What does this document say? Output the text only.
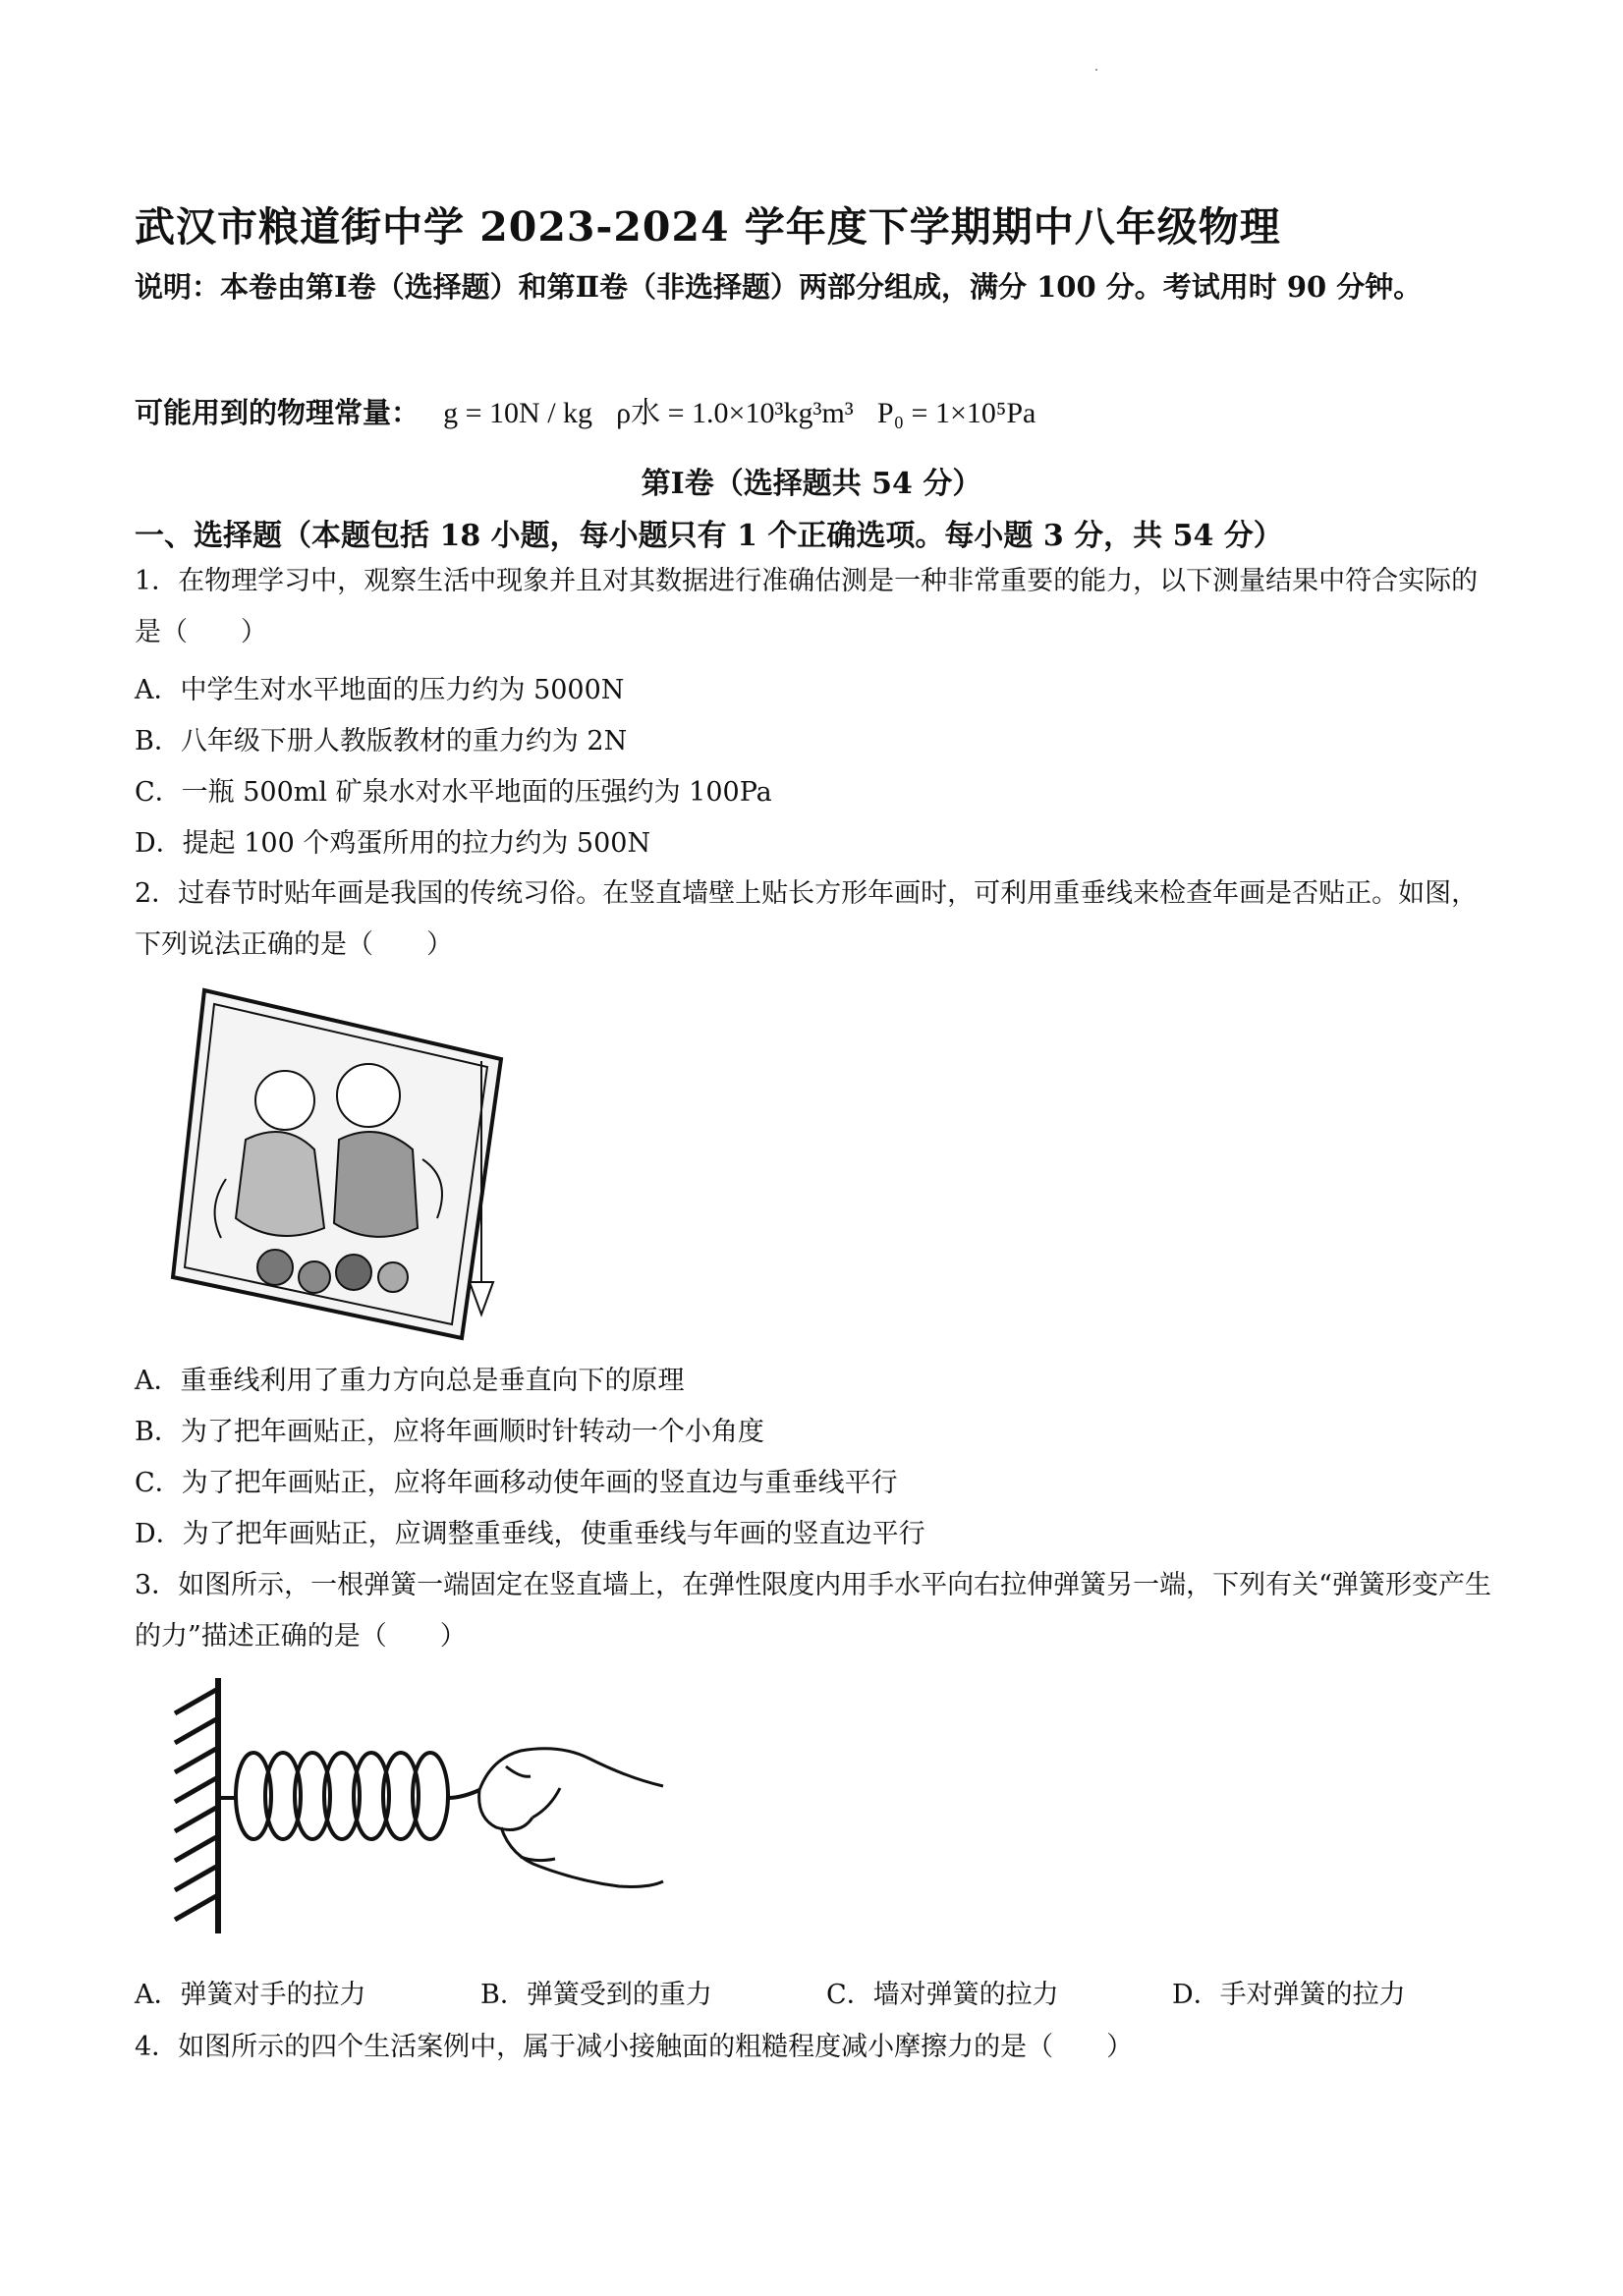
武汉市粮道街中学 2023-2024 学年度下学期期中八年级物理
说明：本卷由第Ⅰ卷（选择题）和第Ⅱ卷（非选择题）两部分组成，满分 100 分。考试用时 90 分钟。
可能用到的物理常量： g = 10N / kg ρ水 = 1.0×10³kg³m³ P₀ = 1×10⁵Pa
第Ⅰ卷（选择题共 54 分）
一、选择题（本题包括 18 小题，每小题只有 1 个正确选项。每小题 3 分，共 54 分）
1．在物理学习中，观察生活中现象并且对其数据进行准确估测是一种非常重要的能力，以下测量结果中符合实际的是（　　）
A．中学生对水平地面的压力约为 5000N
B．八年级下册人教版教材的重力约为 2N
C．一瓶 500ml 矿泉水对水平地面的压强约为 100Pa
D．提起 100 个鸡蛋所用的拉力约为 500N
2．过春节时贴年画是我国的传统习俗。在竖直墙壁上贴长方形年画时，可利用重垂线来检查年画是否贴正。如图，下列说法正确的是（　　）
A．重垂线利用了重力方向总是垂直向下的原理
B．为了把年画贴正，应将年画顺时针转动一个小角度
C．为了把年画贴正，应将年画移动使年画的竖直边与重垂线平行
D．为了把年画贴正，应调整重垂线，使重垂线与年画的竖直边平行
3．如图所示，一根弹簧一端固定在竖直墙上，在弹性限度内用手水平向右拉伸弹簧另一端，下列有关“弹簧形变产生的力”描述正确的是（　　）
A．弹簧对手的拉力	B．弹簧受到的重力	C．墙对弹簧的拉力	D．手对弹簧的拉力
4．如图所示的四个生活案例中，属于减小接触面的粗糙程度减小摩擦力的是（　　）
